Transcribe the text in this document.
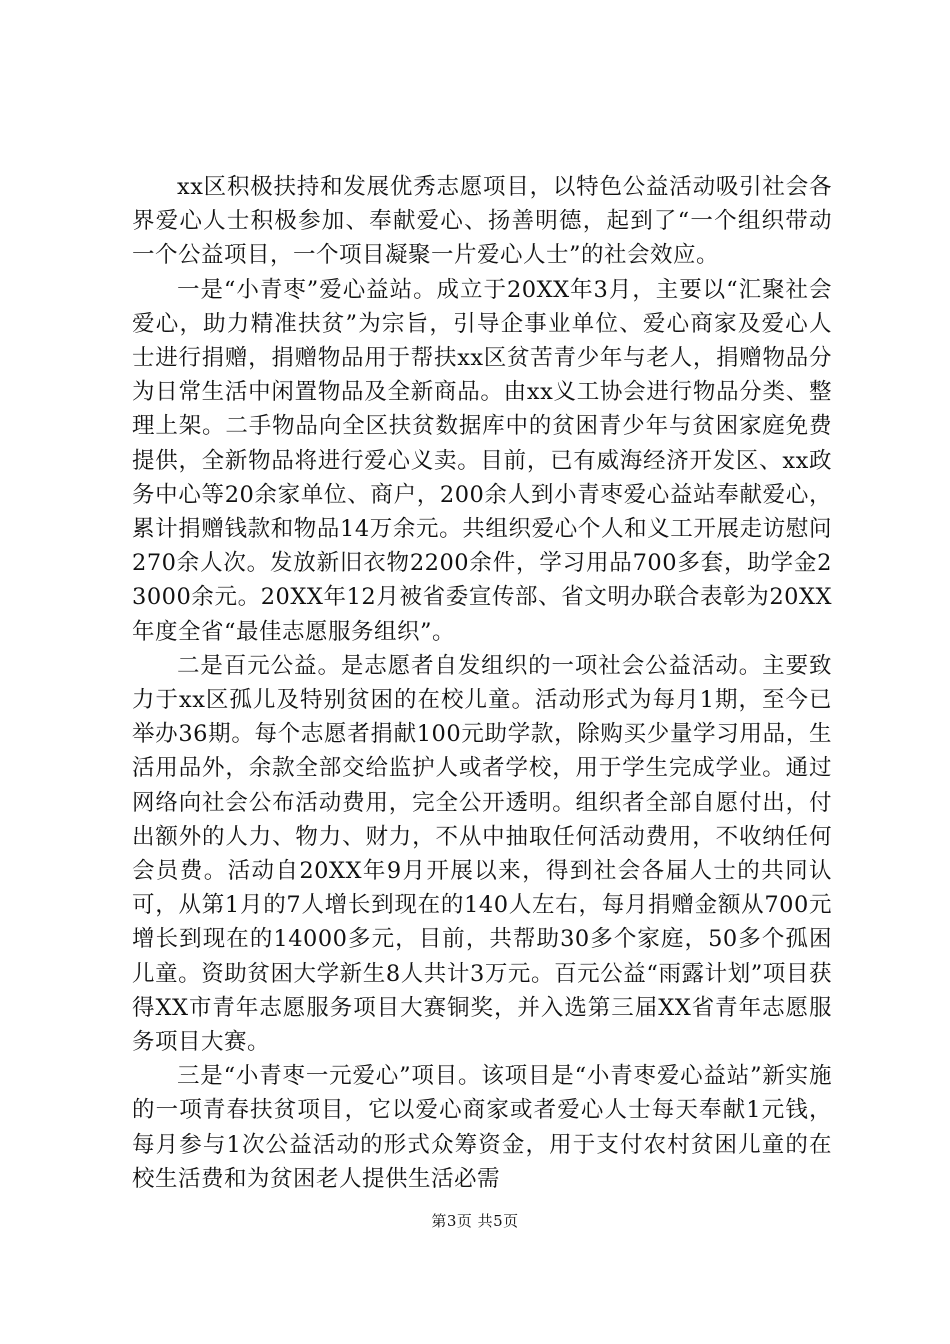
xx区积极扶持和发展优秀志愿项目，以特色公益活动吸引社会各界爱心人士积极参加、奉献爱心、扬善明德，起到了“一个组织带动一个公益项目，一个项目凝聚一片爱心人士”的社会效应。

一是“小青枣”爱心益站。成立于20XX年3月，主要以“汇聚社会爱心，助力精准扶贫”为宗旨，引导企事业单位、爱心商家及爱心人士进行捐赠，捐赠物品用于帮扶xx区贫苦青少年与老人，捐赠物品分为日常生活中闲置物品及全新商品。由xx义工协会进行物品分类、整理上架。二手物品向全区扶贫数据库中的贫困青少年与贫困家庭免费提供，全新物品将进行爱心义卖。目前，已有威海经济开发区、xx政务中心等20余家单位、商户，200余人到小青枣爱心益站奉献爱心，累计捐赠钱款和物品14万余元。共组织爱心个人和义工开展走访慰问270余人次。发放新旧衣物2200余件，学习用品700多套，助学金23000余元。20XX年12月被省委宣传部、省文明办联合表彰为20XX年度全省“最佳志愿服务组织”。

二是百元公益。是志愿者自发组织的一项社会公益活动。主要致力于xx区孤儿及特别贫困的在校儿童。活动形式为每月1期，至今已举办36期。每个志愿者捐献100元助学款，除购买少量学习用品，生活用品外，余款全部交给监护人或者学校，用于学生完成学业。通过网络向社会公布活动费用，完全公开透明。组织者全部自愿付出，付出额外的人力、物力、财力，不从中抽取任何活动费用，不收纳任何会员费。活动自20XX年9月开展以来，得到社会各届人士的共同认可，从第1月的7人增长到现在的140人左右，每月捐赠金额从700元增长到现在的14000多元，目前，共帮助30多个家庭，50多个孤困儿童。资助贫困大学新生8人共计3万元。百元公益“雨露计划”项目获得XX市青年志愿服务项目大赛铜奖，并入选第三届XX省青年志愿服务项目大赛。

三是“小青枣一元爱心”项目。该项目是“小青枣爱心益站”新实施的一项青春扶贫项目，它以爱心商家或者爱心人士每天奉献1元钱，每月参与1次公益活动的形式众筹资金，用于支付农村贫困儿童的在校生活费和为贫困老人提供生活必需

第3页 共5页
